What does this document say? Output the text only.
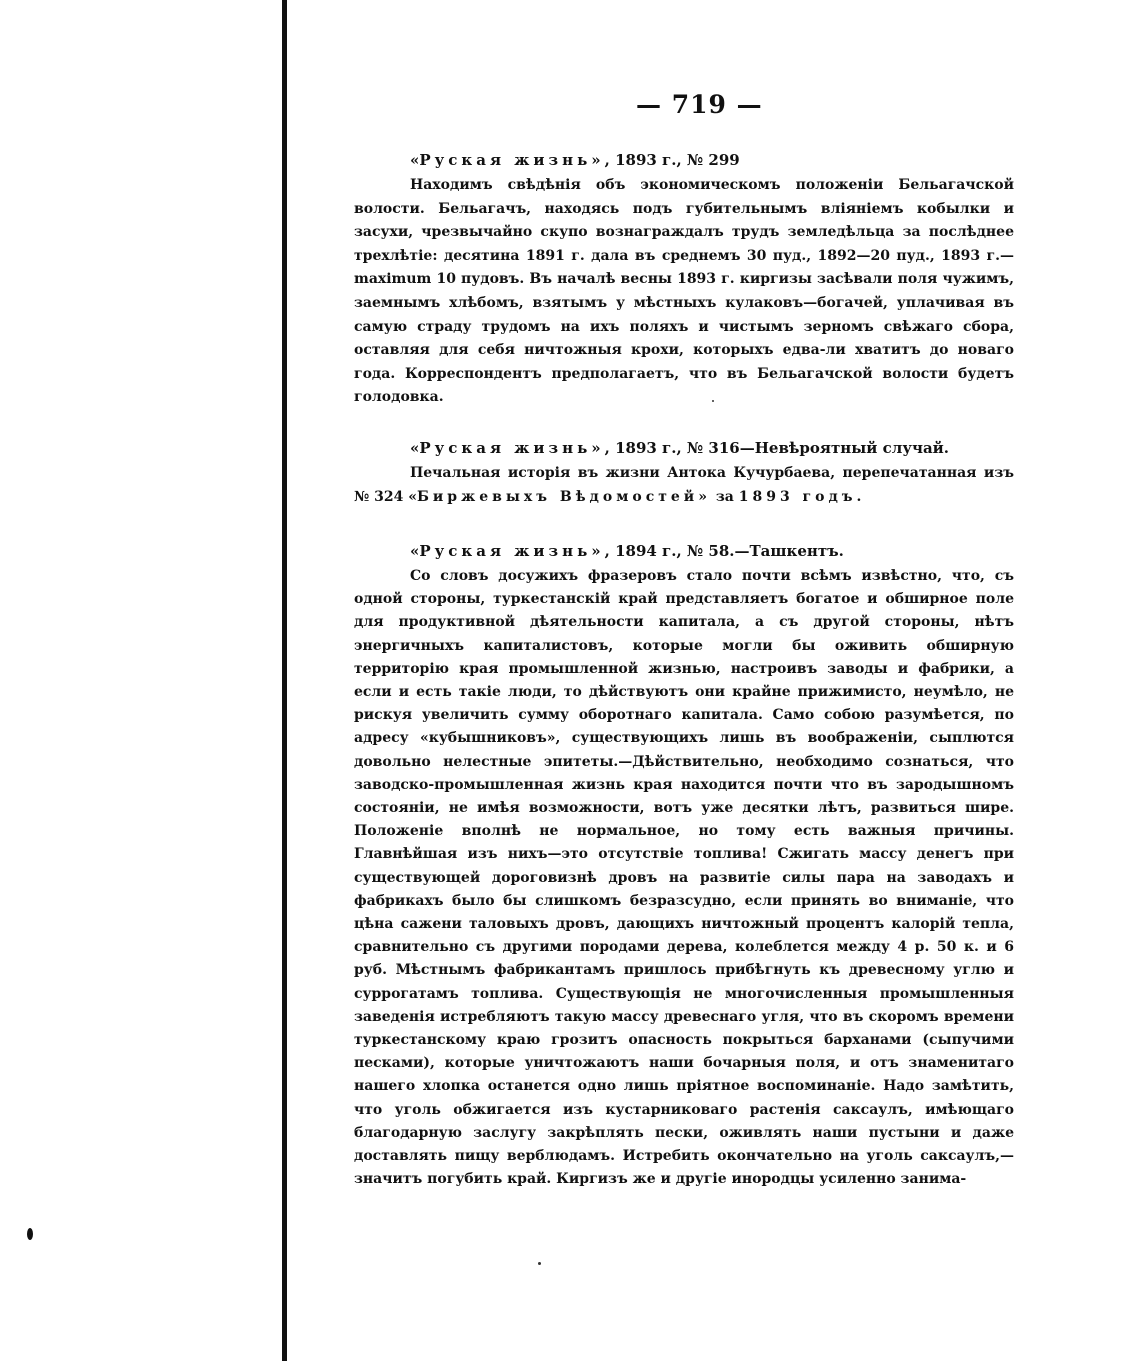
— 719 —
«Руская жизнь», 1893 г., № 299

Находимъ свѣдѣнія объ экономическомъ положеніи Бельагачской волости. Бельагачъ, находясь подъ губительнымъ вліяніемъ кобылки и засухи, чрезвычайно скупо вознаграждалъ трудъ земледѣльца за послѣднее трехлѣтіе: десятина 1891 г. дала въ среднемъ 30 пуд., 1892—20 пуд., 1893 г.—maximum 10 пудовъ. Въ началѣ весны 1893 г. киргизы засѣвали поля чужимъ, заемнымъ хлѣбомъ, взятымъ у мѣстныхъ кулаковъ—богачей, уплачивая въ самую страду трудомъ на ихъ поляхъ и чистымъ зерномъ свѣжаго сбора, оставляя для себя ничтожныя крохи, которыхъ едва-ли хватитъ до новаго года. Корреспондентъ предполагаетъ, что въ Бельагачской волости будетъ голодовка.

«Руская жизнь», 1893 г., № 316—Невѣроятный случай.

Печальная исторія въ жизни Антока Кучурбаева, перепечатанная изъ № 324 «Биржевыхъ Вѣдомостей» за 1893 годъ.

«Руская жизнь», 1894 г., № 58.—Ташкентъ.

Со словъ досужихъ фразеровъ стало почти всѣмъ извѣстно, что, съ одной стороны, туркестанскій край представляетъ богатое и обширное поле для продуктивной дѣятельности капитала, а съ другой стороны, нѣтъ энергичныхъ капиталистовъ, которые могли бы оживить обширную территорію края промышленной жизнью, настроивъ заводы и фабрики, а если и есть такіе люди, то дѣйствуютъ они крайне прижимисто, неумѣло, не рискуя увеличить сумму оборотнаго капитала. Само собою разумѣется, по адресу «кубышниковъ», существующихъ лишь въ воображеніи, сыплются довольно нелестные эпитеты.—Дѣйствительно, необходимо сознаться, что заводско-промышленная жизнь края находится почти что въ зародышномъ состояніи, не имѣя возможности, вотъ уже десятки лѣтъ, развиться шире. Положеніе вполнѣ не нормальное, но тому есть важныя причины. Главнѣйшая изъ нихъ—это отсутствіе топлива! Сжигать массу денегъ при существующей дороговизнѣ дровъ на развитіе силы пара на заводахъ и фабрикахъ было бы слишкомъ безразсудно, если принять во вниманіе, что цѣна сажени таловыхъ дровъ, дающихъ ничтожный процентъ калорій тепла, сравнительно съ другими породами дерева, колеблется между 4 р. 50 к. и 6 руб. Мѣстнымъ фабрикантамъ пришлось прибѣгнуть къ древесному углю и суррогатамъ топлива. Существующія не многочисленныя промышленныя заведенія истребляютъ такую массу древеснаго угля, что въ скоромъ времени туркестанскому краю грозитъ опасность покрыться барханами (сыпучими песками), которые уничтожаютъ наши бочарныя поля, и отъ знаменитаго нашего хлопка останется одно лишь пріятное воспоминаніе. Надо замѣтить, что уголь обжигается изъ кустарниковаго растенія саксаулъ, имѣющаго благодарную заслугу закрѣплять пески, оживлять наши пустыни и даже доставлять пищу верблюдамъ. Истребить окончательно на уголь саксаулъ,—значитъ погубить край. Киргизъ же и другіе инородцы усиленно занима-
